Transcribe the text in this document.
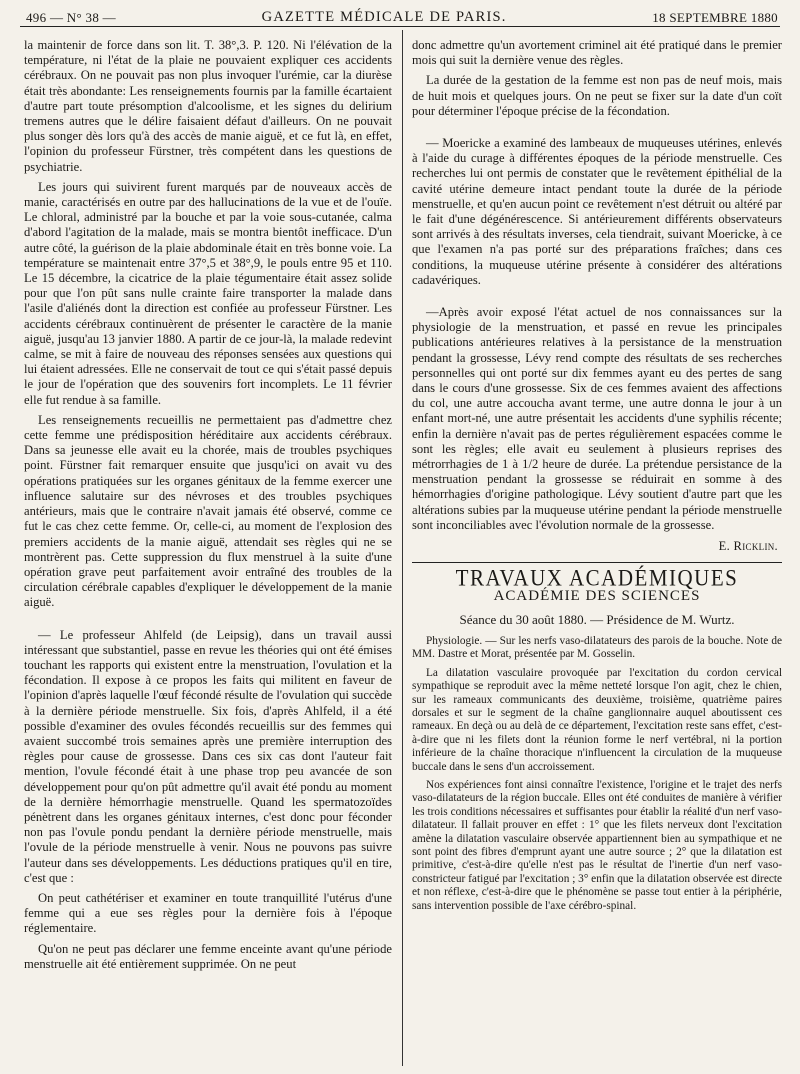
496 — N° 38 —	GAZETTE MÉDICALE DE PARIS.	18 SEPTEMBRE 1880

la maintenir de force dans son lit. T. 38°,3. P. 120. Ni l'élévation de la température, ni l'état de la plaie ne pouvaient expliquer ces accidents cérébraux. On ne pouvait pas non plus invoquer l'urémie, car la diurèse était très abondante: Les renseignements fournis par la famille écartaient d'autre part toute présomption d'alcoolisme, et les signes du delirium tremens autres que le délire faisaient défaut d'ailleurs. On ne pouvait plus songer dès lors qu'à des accès de manie aiguë, et ce fut là, en effet, l'opinion du professeur Fürstner, très compétent dans les questions de psychiatrie.

Les jours qui suivirent furent marqués par de nouveaux accès de manie, caractérisés en outre par des hallucinations de la vue et de l'ouïe. Le chloral, administré par la bouche et par la voie sous-cutanée, calma d'abord l'agitation de la malade, mais se montra bientôt inefficace. D'un autre côté, la guérison de la plaie abdominale était en très bonne voie. La température se maintenait entre 37°,5 et 38°,9, le pouls entre 95 et 110. Le 15 décembre, la cicatrice de la plaie tégumentaire était assez solide pour que l'on pût sans nulle crainte faire transporter la malade dans l'asile d'aliénés dont la direction est confiée au professeur Fürstner. Les accidents cérébraux continuèrent de présenter le caractère de la manie aiguë, jusqu'au 13 janvier 1880. A partir de ce jour-là, la malade redevint calme, se mit à faire de nouveau des réponses sensées aux questions qui lui étaient adressées. Elle ne conservait de tout ce qui s'était passé depuis le jour de l'opération que des souvenirs fort incomplets. Le 11 février elle fut rendue à sa famille.

Les renseignements recueillis ne permettaient pas d'admettre chez cette femme une prédisposition héréditaire aux accidents cérébraux. Dans sa jeunesse elle avait eu la chorée, mais de troubles psychiques point. Fürstner fait remarquer ensuite que jusqu'ici on avait vu des opérations pratiquées sur les organes génitaux de la femme exercer une influence salutaire sur des névroses et des troubles psychiques antérieurs, mais que le contraire n'avait jamais été observé, comme ce fut le cas chez cette femme. Or, celle-ci, au moment de l'explosion des premiers accidents de la manie aiguë, attendait ses règles qui ne se montrèrent pas. Cette suppression du flux menstruel à la suite d'une opération grave peut parfaitement avoir entraîné des troubles de la circulation cérébrale capables d'expliquer le développement de la manie aiguë.

— Le professeur Ahlfeld (de Leipsig), dans un travail aussi intéressant que substantiel, passe en revue les théories qui ont été émises touchant les rapports qui existent entre la menstruation, l'ovulation et la fécondation. Il expose à ce propos les faits qui militent en faveur de l'opinion d'après laquelle l'œuf fécondé résulte de l'ovulation qui succède à la dernière période menstruelle. Six fois, d'après Ahlfeld, il a été possible d'examiner des ovules fécondés recueillis sur des femmes qui avaient succombé trois semaines après une première interruption des règles pour cause de grossesse. Dans ces six cas dont l'auteur fait mention, l'ovule fécondé était à une phase trop peu avancée de son développement pour qu'on pût admettre qu'il avait été pondu au moment de la dernière hémorrhagie menstruelle. Quand les spermatozoïdes pénètrent dans les organes génitaux internes, c'est donc pour féconder non pas l'ovule pondu pendant la dernière période menstruelle, mais l'ovule de la période menstruelle à venir. Nous ne pouvons pas suivre l'auteur dans ses développements. Les déductions pratiques qu'il en tire, c'est que :

On peut cathétériser et examiner en toute tranquillité l'utérus d'une femme qui a eue ses règles pour la dernière fois à l'époque réglementaire.

Qu'on ne peut pas déclarer une femme enceinte avant qu'une période menstruelle ait été entièrement supprimée. On ne peut

donc admettre qu'un avortement criminel ait été pratiqué dans le premier mois qui suit la dernière venue des règles.

La durée de la gestation de la femme est non pas de neuf mois, mais de huit mois et quelques jours. On ne peut se fixer sur la date d'un coït pour déterminer l'époque précise de la fécondation.

— Moericke a examiné des lambeaux de muqueuses utérines, enlevés à l'aide du curage à différentes époques de la période menstruelle. Ces recherches lui ont permis de constater que le revêtement épithélial de la cavité utérine demeure intact pendant toute la durée de la période menstruelle, et qu'en aucun point ce revêtement n'est détruit ou altéré par le fait d'une dégénérescence. Si antérieurement différents observateurs sont arrivés à des résultats inverses, cela tiendrait, suivant Moericke, à ce que l'examen n'a pas porté sur des préparations fraîches; dans ces conditions, la muqueuse utérine présente à considérer des altérations cadavériques.

—Après avoir exposé l'état actuel de nos connaissances sur la physiologie de la menstruation, et passé en revue les principales publications antérieures relatives à la persistance de la menstruation pendant la grossesse, Lévy rend compte des résultats de ses recherches personnelles qui ont porté sur dix femmes ayant eu des pertes de sang dans le cours d'une grossesse. Six de ces femmes avaient des affections du col, une autre accoucha avant terme, une autre donna le jour à un enfant mort-né, une autre présentait les accidents d'une syphilis récente; enfin la dernière n'avait pas de pertes régulièrement espacées comme le sont les règles; elle avait eu seulement à plusieurs reprises des métrorrhagies de 1 à 1/2 heure de durée. La prétendue persistance de la menstruation pendant la grossesse se réduirait en somme à des hémorrhagies d'origine pathologique. Lévy soutient d'autre part que les altérations subies par la muqueuse utérine pendant la période menstruelle sont inconciliables avec l'évolution normale de la grossesse.

E. Ricklin.
TRAVAUX ACADÉMIQUES
ACADÉMIE DES SCIENCES
Séance du 30 août 1880. — Présidence de M. Wurtz.

Physiologie. — Sur les nerfs vaso-dilatateurs des parois de la bouche. Note de MM. Dastre et Morat, présentée par M. Gosselin.

La dilatation vasculaire provoquée par l'excitation du cordon cervical sympathique se reproduit avec la même netteté lorsque l'on agit, chez le chien, sur les rameaux communicants des deuxième, troisième, quatrième paires dorsales et sur le segment de la chaîne ganglionnaire auquel aboutissent ces rameaux. En deçà ou au delà de ce département, l'excitation reste sans effet, c'est-à-dire que ni les filets dont la réunion forme le nerf vertébral, ni la portion inférieure de la chaîne thoracique n'influencent la circulation de la muqueuse buccale dans le sens d'un accroissement.

Nos expériences font ainsi connaître l'existence, l'origine et le trajet des nerfs vaso-dilatateurs de la région buccale. Elles ont été conduites de manière à vérifier les trois conditions nécessaires et suffisantes pour établir la réalité d'un nerf vaso-dilatateur. Il fallait prouver en effet : 1° que les filets nerveux dont l'excitation amène la dilatation vasculaire observée appartiennent bien au sympathique et ne sont point des fibres d'emprunt ayant une autre source ; 2° que la dilatation est primitive, c'est-à-dire qu'elle n'est pas le résultat de l'inertie d'un nerf vaso-constricteur fatigué par l'excitation ; 3° enfin que la dilatation observée est directe et non réflexe, c'est-à-dire que le phénomène se passe tout entier à la périphérie, sans intervention possible de l'axe cérébro-spinal.
